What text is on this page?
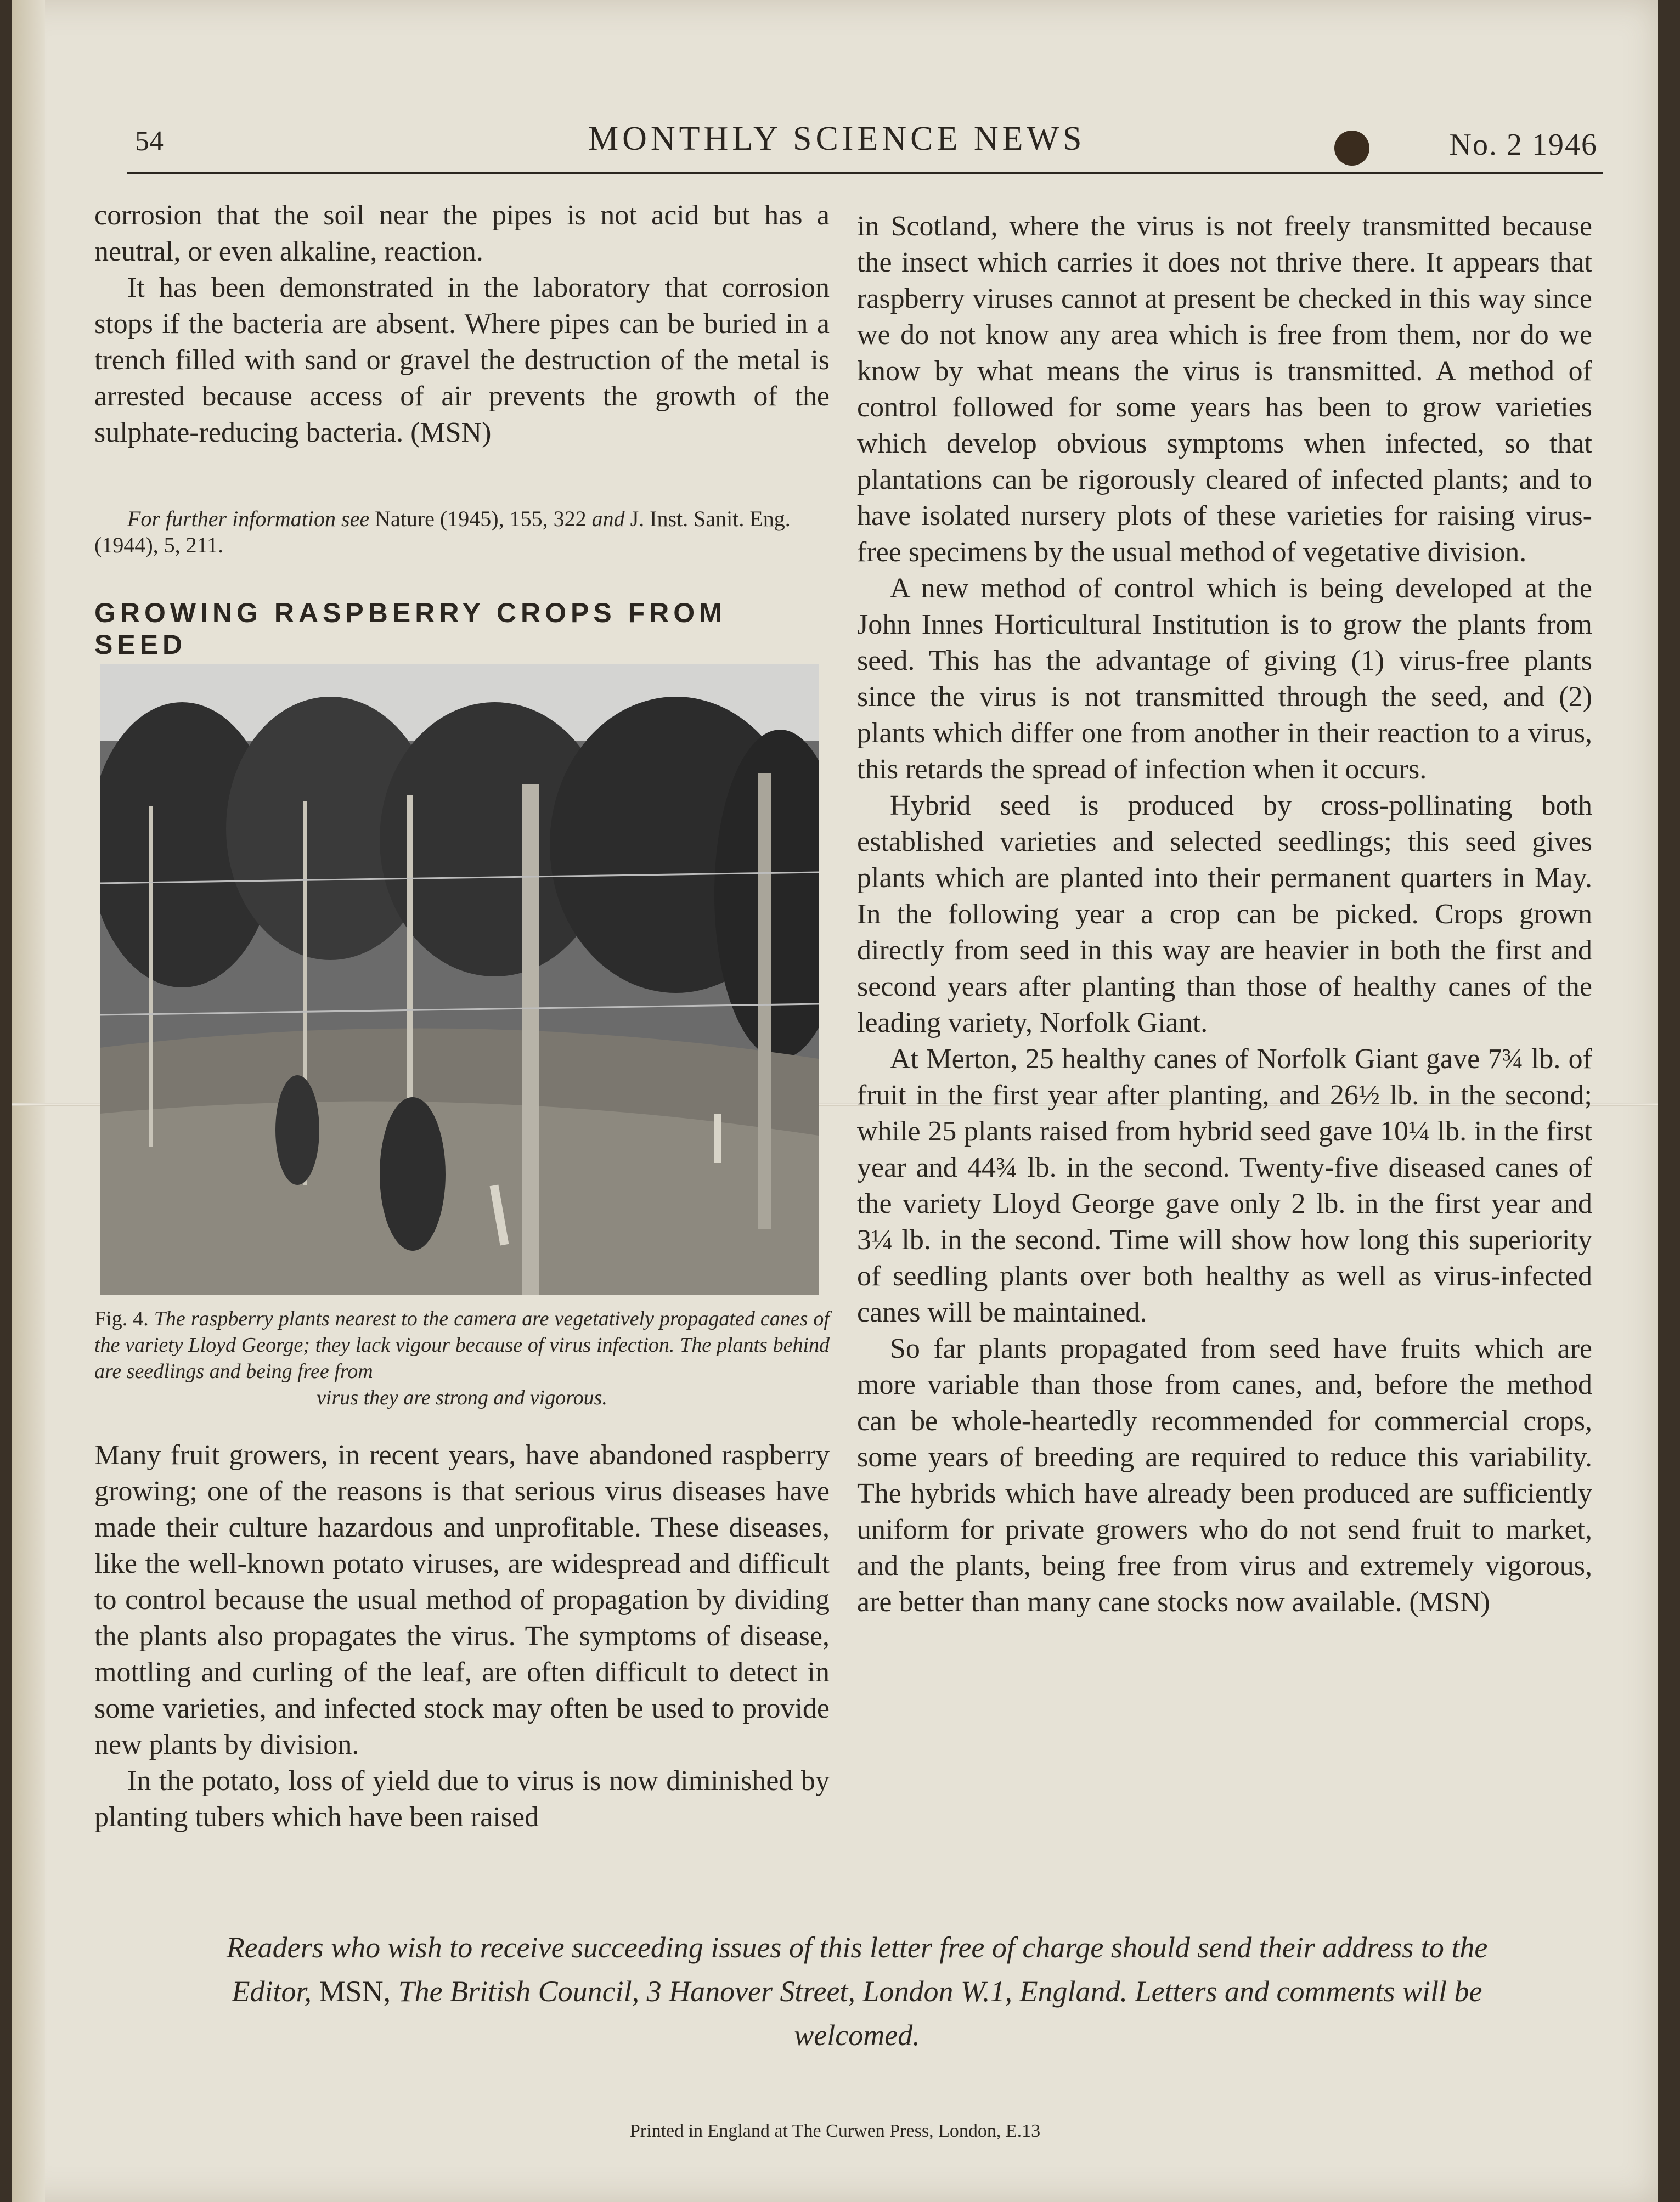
54	MONTHLY SCIENCE NEWS	No. 2 1946

corrosion that the soil near the pipes is not acid but has a neutral, or even alkaline, reaction.

It has been demonstrated in the laboratory that corrosion stops if the bacteria are absent. Where pipes can be buried in a trench filled with sand or gravel the destruction of the metal is arrested because access of air prevents the growth of the sulphate-reducing bacteria. (MSN)

For further information see Nature (1945), 155, 322 and J. Inst. Sanit. Eng. (1944), 5, 211.
GROWING RASPBERRY CROPS FROM SEED
Fig. 4. The raspberry plants nearest to the camera are vegetatively propagated canes of the variety Lloyd George; they lack vigour because of virus infection. The plants behind are seedlings and being free from
virus they are strong and vigorous.

Many fruit growers, in recent years, have abandoned raspberry growing; one of the reasons is that serious virus diseases have made their culture hazardous and unprofitable. These diseases, like the well-known potato viruses, are widespread and difficult to control because the usual method of propagation by dividing the plants also propagates the virus. The symptoms of disease, mottling and curling of the leaf, are often difficult to detect in some varieties, and infected stock may often be used to provide new plants by division.

In the potato, loss of yield due to virus is now diminished by planting tubers which have been raised

in Scotland, where the virus is not freely transmitted because the insect which carries it does not thrive there. It appears that raspberry viruses cannot at present be checked in this way since we do not know any area which is free from them, nor do we know by what means the virus is transmitted. A method of control followed for some years has been to grow varieties which develop obvious symptoms when infected, so that plantations can be rigorously cleared of infected plants; and to have isolated nursery plots of these varieties for raising virus-free specimens by the usual method of vegetative division.

A new method of control which is being developed at the John Innes Horticultural Institution is to grow the plants from seed. This has the advantage of giving (1) virus-free plants since the virus is not transmitted through the seed, and (2) plants which differ one from another in their reaction to a virus, this retards the spread of infection when it occurs.

Hybrid seed is produced by cross-pollinating both established varieties and selected seedlings; this seed gives plants which are planted into their permanent quarters in May. In the following year a crop can be picked. Crops grown directly from seed in this way are heavier in both the first and second years after planting than those of healthy canes of the leading variety, Norfolk Giant.

At Merton, 25 healthy canes of Norfolk Giant gave 7¾ lb. of fruit in the first year after planting, and 26½ lb. in the second; while 25 plants raised from hybrid seed gave 10¼ lb. in the first year and 44¾ lb. in the second. Twenty-five diseased canes of the variety Lloyd George gave only 2 lb. in the first year and 3¼ lb. in the second. Time will show how long this superiority of seedling plants over both healthy as well as virus-infected canes will be maintained.

So far plants propagated from seed have fruits which are more variable than those from canes, and, before the method can be whole-heartedly recommended for commercial crops, some years of breeding are required to reduce this variability. The hybrids which have already been produced are sufficiently uniform for private growers who do not send fruit to market, and the plants, being free from virus and extremely vigorous, are better than many cane stocks now available. (MSN)

Readers who wish to receive succeeding issues of this letter free of charge should send their address to the Editor, MSN, The British Council, 3 Hanover Street, London W.1, England. Letters and comments will be welcomed.
Printed in England at The Curwen Press, London, E.13
